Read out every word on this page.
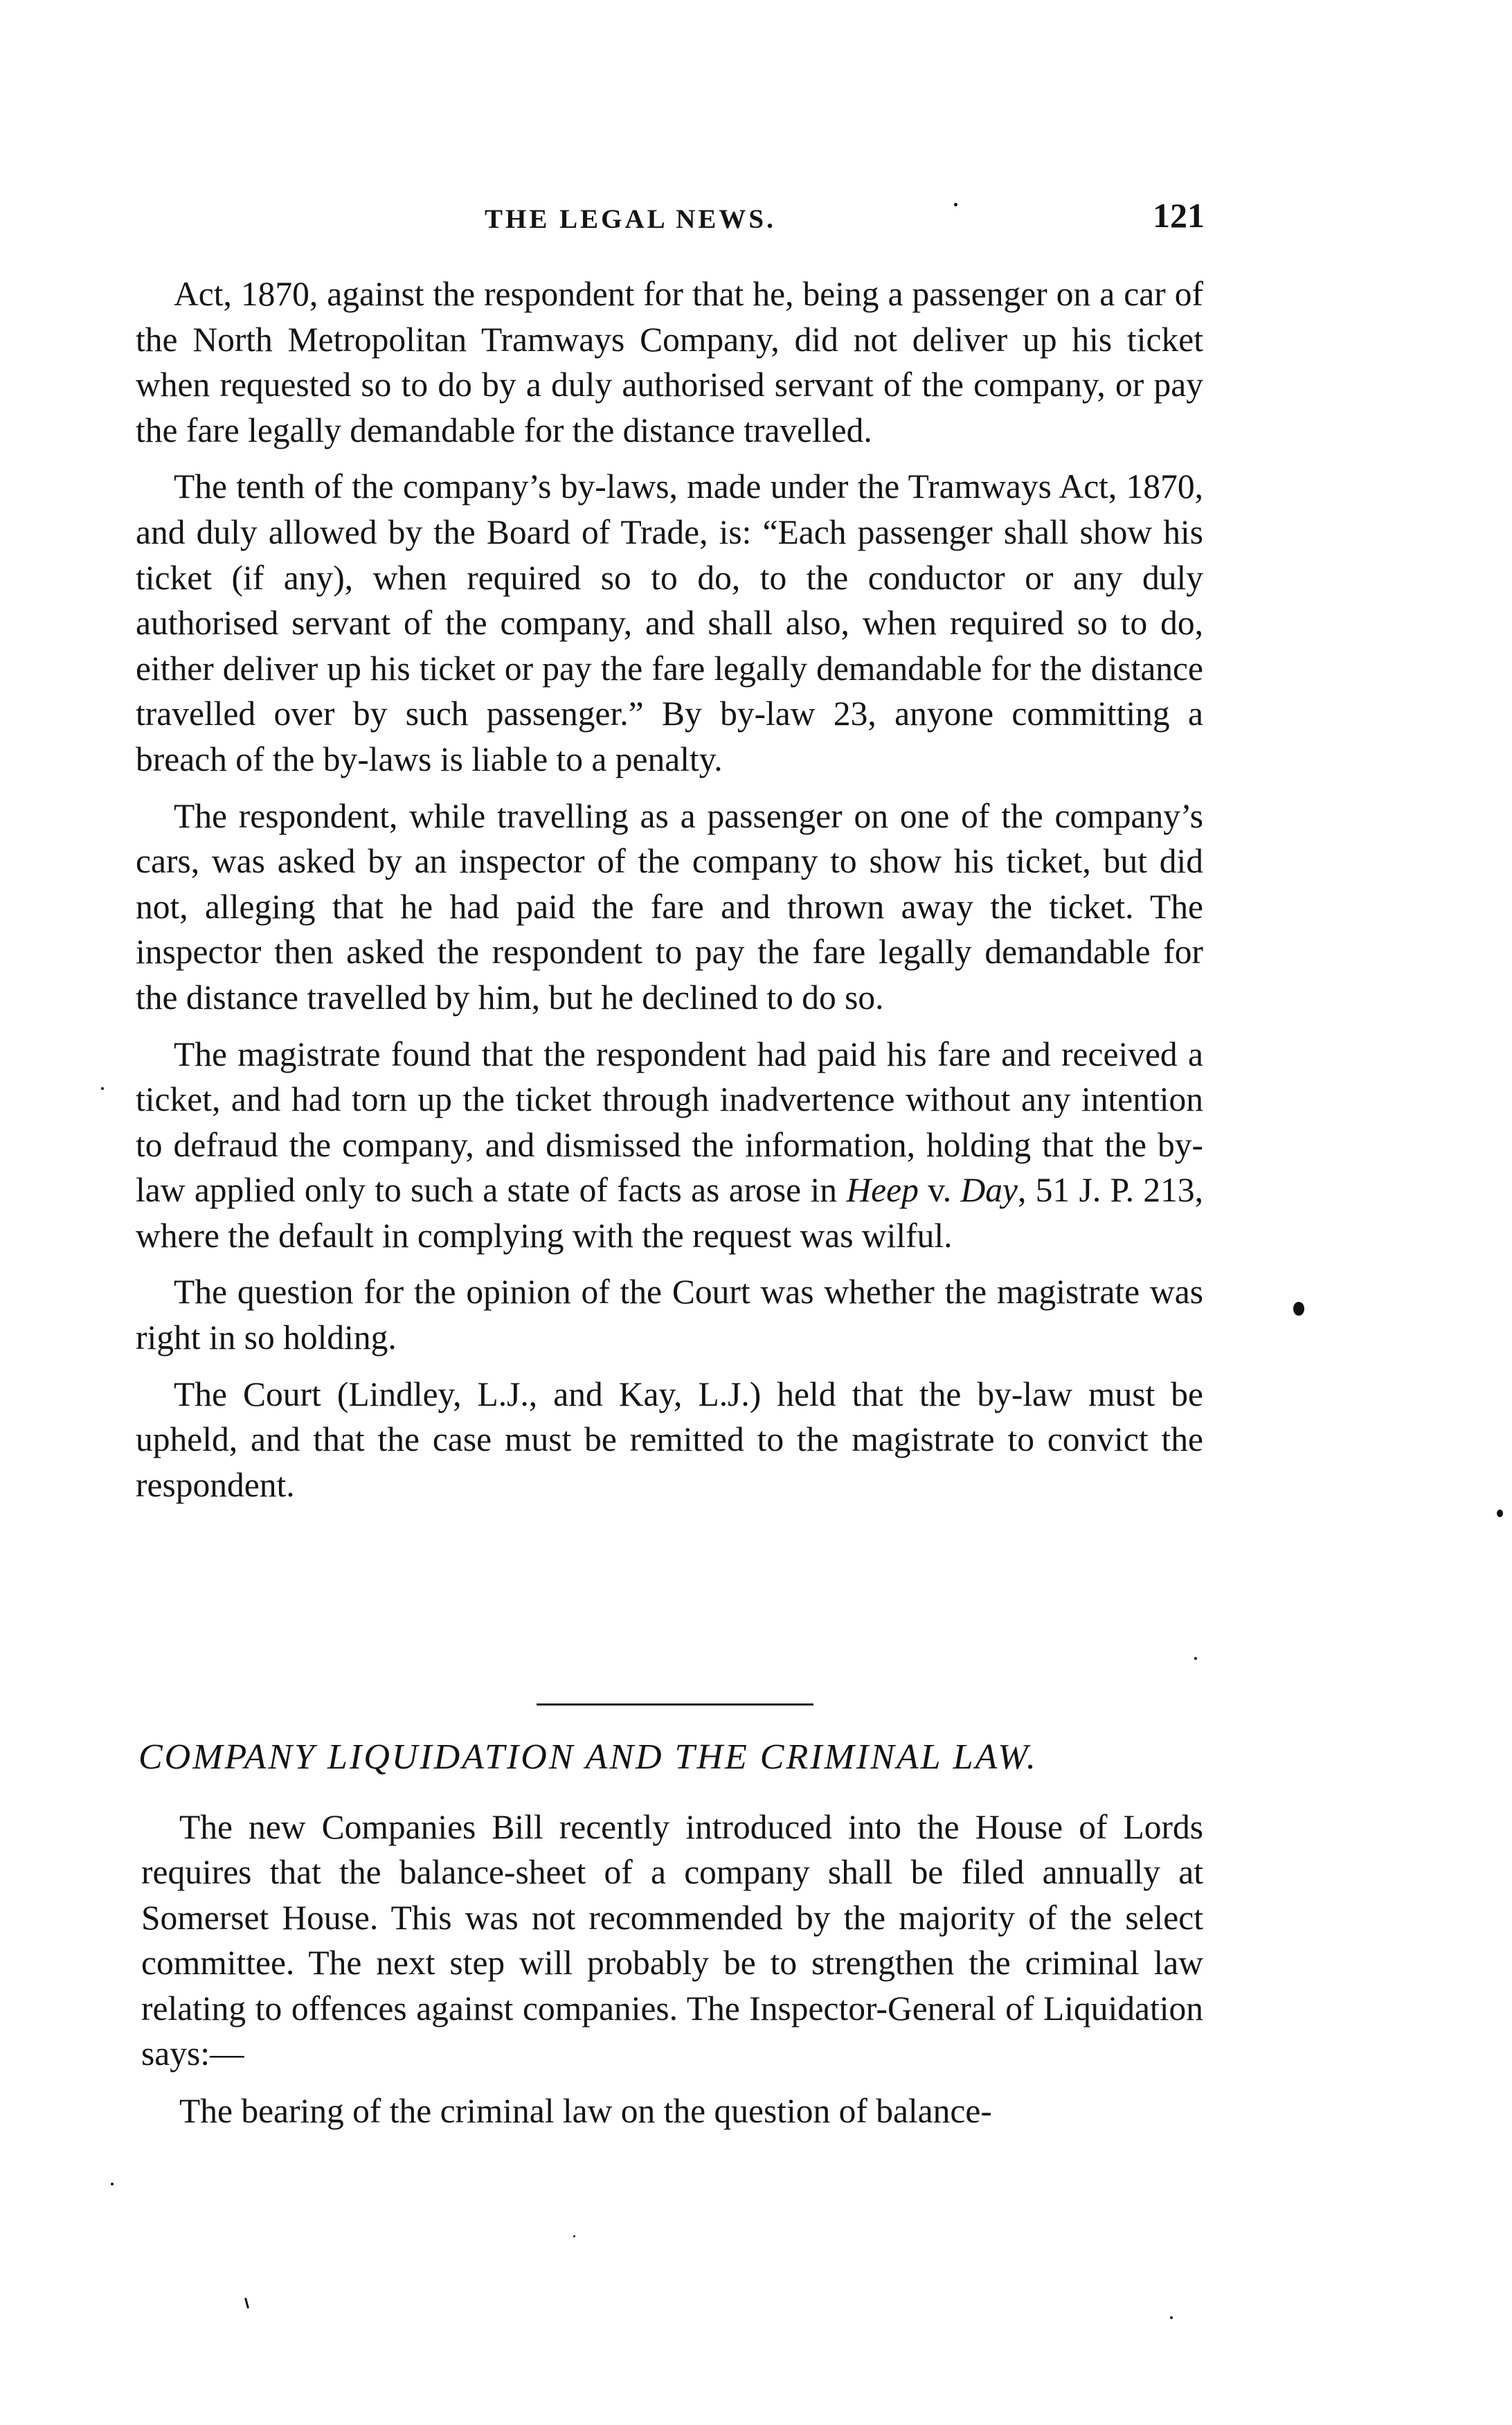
THE LEGAL NEWS.	121

Act, 1870, against the respondent for that he, being a passenger on a car of the North Metropolitan Tramways Company, did not deliver up his ticket when requested so to do by a duly authorised servant of the company, or pay the fare legally demandable for the distance travelled.

The tenth of the company’s by-laws, made under the Tramways Act, 1870, and duly allowed by the Board of Trade, is: “Each passenger shall show his ticket (if any), when required so to do, to the conductor or any duly authorised servant of the company, and shall also, when required so to do, either deliver up his ticket or pay the fare legally demandable for the distance travelled over by such passenger.” By by-law 23, anyone committing a breach of the by-laws is liable to a penalty.

The respondent, while travelling as a passenger on one of the company’s cars, was asked by an inspector of the company to show his ticket, but did not, alleging that he had paid the fare and thrown away the ticket. The inspector then asked the respondent to pay the fare legally demandable for the distance travelled by him, but he declined to do so.

The magistrate found that the respondent had paid his fare and received a ticket, and had torn up the ticket through inadvertence without any intention to defraud the company, and dismissed the information, holding that the by-law applied only to such a state of facts as arose in Heep v. Day, 51 J. P. 213, where the default in complying with the request was wilful.

The question for the opinion of the Court was whether the magistrate was right in so holding.

The Court (Lindley, L.J., and Kay, L.J.) held that the by-law must be upheld, and that the case must be remitted to the magistrate to convict the respondent.

COMPANY LIQUIDATION AND THE CRIMINAL LAW.

The new Companies Bill recently introduced into the House of Lords requires that the balance-sheet of a company shall be filed annually at Somerset House. This was not recommended by the majority of the select committee. The next step will probably be to strengthen the criminal law relating to offences against companies. The Inspector-General of Liquidation says:—

The bearing of the criminal law on the question of balance-
